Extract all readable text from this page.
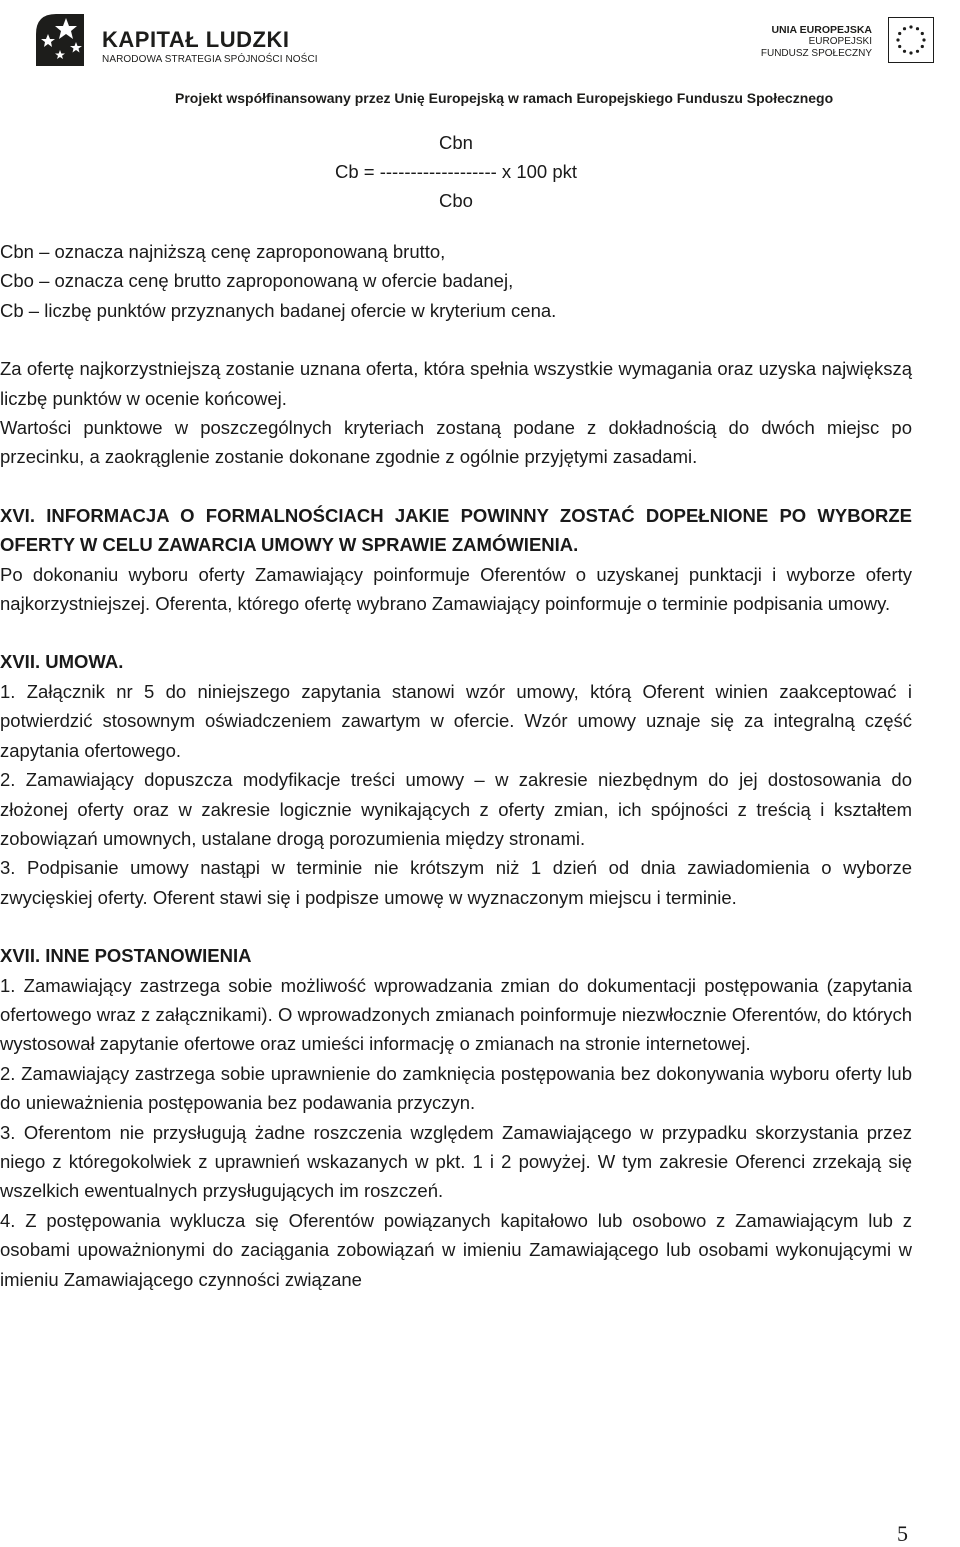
KAPITAŁ LUDZKI
NARODOWA STRATEGIA SPÓJNOŚCI NOŚCI
UNIA EUROPEJSKA
EUROPEJSKI
FUNDUSZ SPOŁECZNY
Projekt współfinansowany przez Unię Europejską w ramach Europejskiego Funduszu Społecznego
Cbn
Cb = ------------------- x 100 pkt
Cbo

Cbn – oznacza najniższą cenę zaproponowaną brutto,

Cbo – oznacza cenę brutto zaproponowaną w ofercie badanej,

Cb – liczbę punktów przyznanych badanej ofercie w kryterium cena.

Za ofertę najkorzystniejszą zostanie uznana oferta, która spełnia wszystkie wymagania oraz uzyska największą liczbę punktów w ocenie końcowej.

Wartości punktowe w poszczególnych kryteriach zostaną podane z dokładnością do dwóch miejsc po przecinku, a zaokrąglenie zostanie dokonane zgodnie z ogólnie przyjętymi zasadami.

XVI. INFORMACJA O FORMALNOŚCIACH JAKIE POWINNY ZOSTAĆ DOPEŁNIONE PO WYBORZE OFERTY W CELU ZAWARCIA UMOWY W SPRAWIE ZAMÓWIENIA.

Po dokonaniu wyboru oferty Zamawiający poinformuje Oferentów o uzyskanej punktacji i wyborze oferty najkorzystniejszej. Oferenta, którego ofertę wybrano Zamawiający poinformuje o terminie podpisania umowy.

XVII. UMOWA.

1. Załącznik nr 5 do niniejszego zapytania stanowi wzór umowy, którą Oferent winien zaakceptować i potwierdzić stosownym oświadczeniem zawartym w ofercie. Wzór umowy uznaje się za integralną część zapytania ofertowego.

2. Zamawiający dopuszcza modyfikacje treści umowy – w zakresie niezbędnym do jej dostosowania do złożonej oferty oraz w zakresie logicznie wynikających z oferty zmian, ich spójności z treścią i kształtem zobowiązań umownych, ustalane drogą porozumienia między stronami.

3. Podpisanie umowy nastąpi w terminie nie krótszym niż 1 dzień od dnia zawiadomienia o wyborze zwycięskiej oferty. Oferent stawi się i podpisze umowę w wyznaczonym miejscu i terminie.

XVII. INNE POSTANOWIENIA

1. Zamawiający zastrzega sobie możliwość wprowadzania zmian do dokumentacji postępowania (zapytania ofertowego wraz z załącznikami). O wprowadzonych zmianach poinformuje niezwłocznie Oferentów, do których wystosował zapytanie ofertowe oraz umieści informację o zmianach na stronie internetowej.

2. Zamawiający zastrzega sobie uprawnienie do zamknięcia postępowania bez dokonywania wyboru oferty lub do unieważnienia postępowania bez podawania przyczyn.

3. Oferentom nie przysługują żadne roszczenia względem Zamawiającego w przypadku skorzystania przez niego z któregokolwiek z uprawnień wskazanych w pkt. 1 i 2 powyżej. W tym zakresie Oferenci zrzekają się wszelkich ewentualnych przysługujących im roszczeń.

4. Z postępowania wyklucza się Oferentów powiązanych kapitałowo lub osobowo z Zamawiającym lub z osobami upoważnionymi do zaciągania zobowiązań w imieniu Zamawiającego lub osobami wykonującymi w imieniu Zamawiającego czynności związane

5
